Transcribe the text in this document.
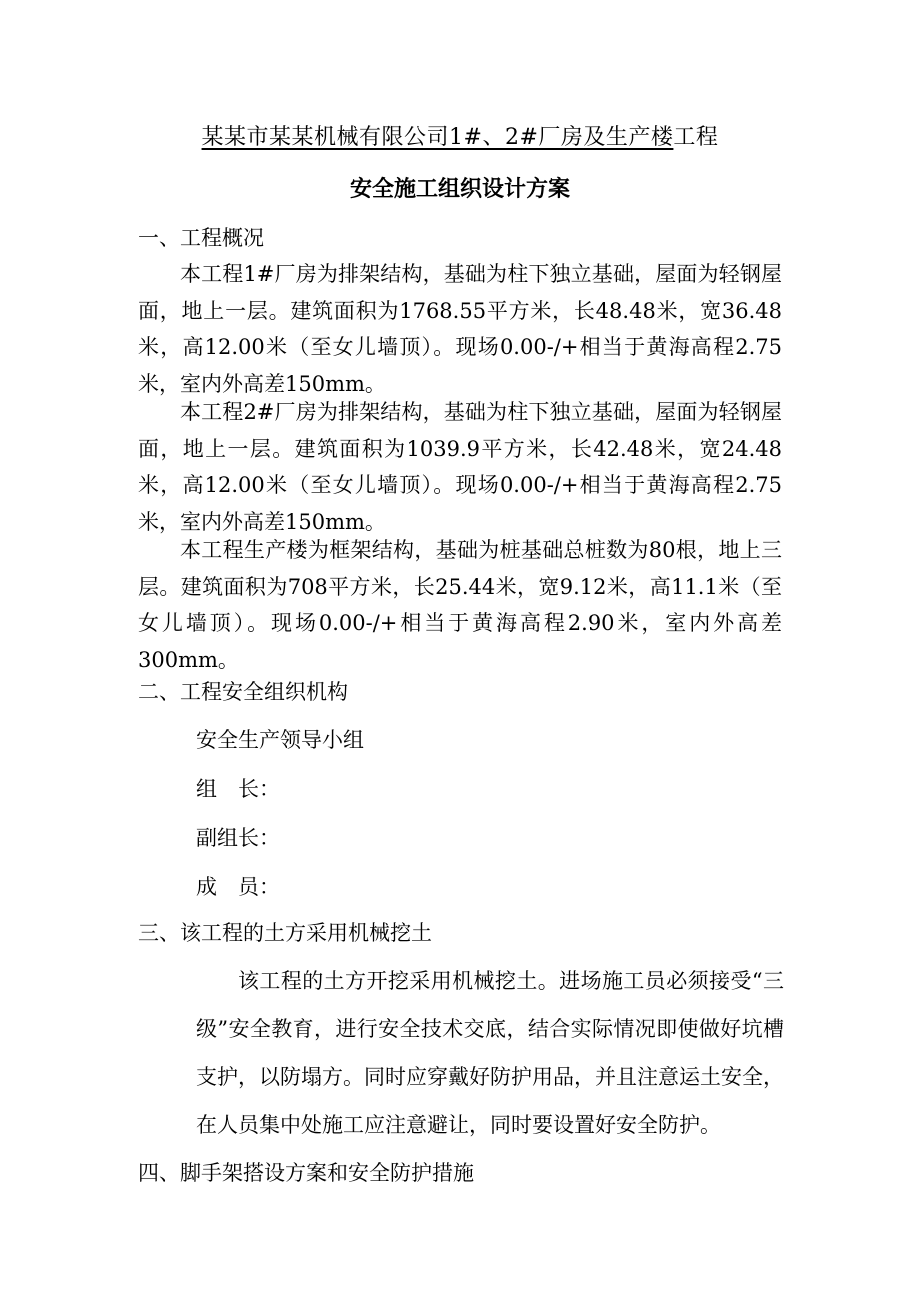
某某市某某机械有限公司1#、2#厂房及生产楼工程
安全施工组织设计方案
一、工程概况
本工程1#厂房为排架结构，基础为柱下独立基础，屋面为轻钢屋面，地上一层。建筑面积为1768.55平方米，长48.48米，宽36.48米，高12.00米（至女儿墙顶）。现场0.00-/+相当于黄海高程2.75米，室内外高差150mm。
本工程2#厂房为排架结构，基础为柱下独立基础，屋面为轻钢屋面，地上一层。建筑面积为1039.9平方米，长42.48米，宽24.48米，高12.00米（至女儿墙顶）。现场0.00-/+相当于黄海高程2.75米，室内外高差150mm。
本工程生产楼为框架结构，基础为桩基础总桩数为80根，地上三层。建筑面积为708平方米，长25.44米，宽9.12米，高11.1米（至女儿墙顶）。现场0.00-/+相当于黄海高程2.90米，室内外高差300mm。
二、工程安全组织机构
安全生产领导小组
组　长：
副组长：
成　员：
三、该工程的土方采用机械挖土
该工程的土方开挖采用机械挖土。进场施工员必须接受“三级”安全教育，进行安全技术交底，结合实际情况即使做好坑槽支护，以防塌方。同时应穿戴好防护用品，并且注意运土安全，在人员集中处施工应注意避让，同时要设置好安全防护。
四、脚手架搭设方案和安全防护措施
